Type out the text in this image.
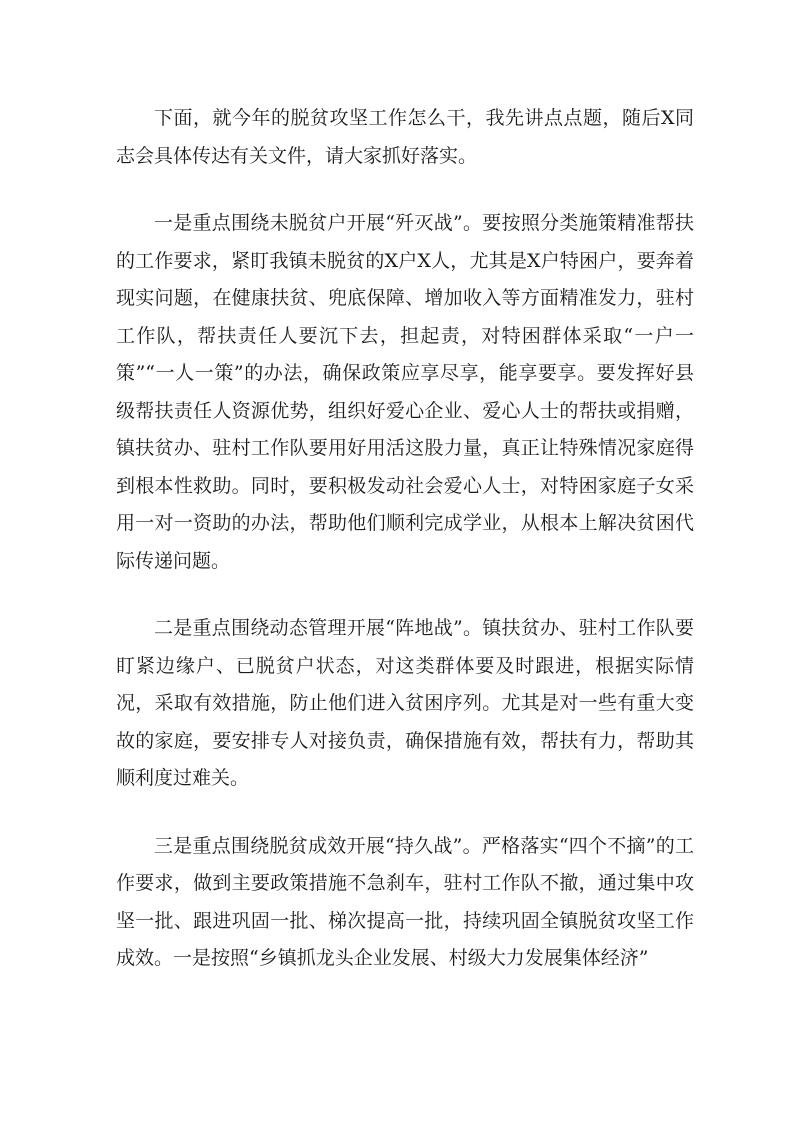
下面，就今年的脱贫攻坚工作怎么干，我先讲点点题，随后X同志会具体传达有关文件，请大家抓好落实。

一是重点围绕未脱贫户开展“歼灭战”。要按照分类施策精准帮扶的工作要求，紧盯我镇未脱贫的X户X人，尤其是X户特困户，要奔着现实问题，在健康扶贫、兜底保障、增加收入等方面精准发力，驻村工作队，帮扶责任人要沉下去，担起责，对特困群体采取“一户一策”“一人一策”的办法，确保政策应享尽享，能享要享。要发挥好县级帮扶责任人资源优势，组织好爱心企业、爱心人士的帮扶或捐赠，镇扶贫办、驻村工作队要用好用活这股力量，真正让特殊情况家庭得到根本性救助。同时，要积极发动社会爱心人士，对特困家庭子女采用一对一资助的办法，帮助他们顺利完成学业，从根本上解决贫困代际传递问题。

二是重点围绕动态管理开展“阵地战”。镇扶贫办、驻村工作队要盯紧边缘户、已脱贫户状态，对这类群体要及时跟进，根据实际情况，采取有效措施，防止他们进入贫困序列。尤其是对一些有重大变故的家庭，要安排专人对接负责，确保措施有效，帮扶有力，帮助其顺利度过难关。

三是重点围绕脱贫成效开展“持久战”。严格落实“四个不摘”的工作要求，做到主要政策措施不急刹车，驻村工作队不撤，通过集中攻坚一批、跟进巩固一批、梯次提高一批，持续巩固全镇脱贫攻坚工作成效。一是按照“乡镇抓龙头企业发展、村级大力发展集体经济”
